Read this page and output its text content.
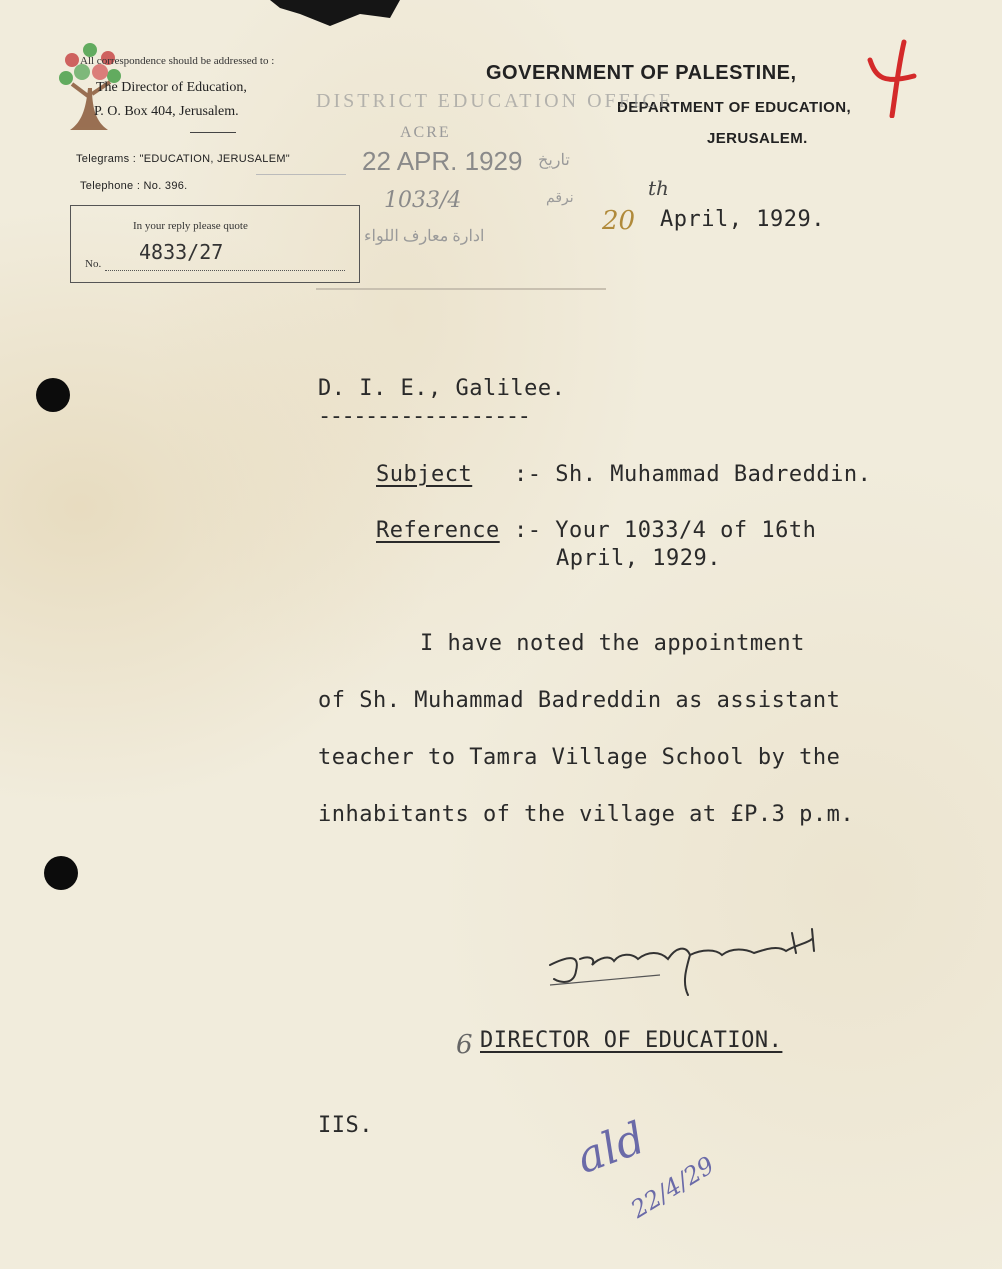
All correspondence should be addressed to :
The Director of Education,
P. O. Box 404, Jerusalem.
Telegrams : "EDUCATION, JERUSALEM"
Telephone : No. 396.
In your reply please quote
No. 4833/27
GOVERNMENT OF PALESTINE,
DEPARTMENT OF EDUCATION,
JERUSALEM.
DISTRICT EDUCATION OFFICE
ACRE
22 APR. 1929 تاريخ
1033/4	نرقم
ادارة معارف اللواء
20
th
April, 1929.
D. I. E., Galilee.
------------------
Subject :- Sh. Muhammad Badreddin.
Reference :- Your 1033/4 of 16th
April, 1929.
I have noted the appointment
of Sh. Muhammad Badreddin as assistant
teacher to Tamra Village School by the
inhabitants of the village at £P.3 p.m.
6 DIRECTOR OF EDUCATION.
IIS.	ald
22/4/29
